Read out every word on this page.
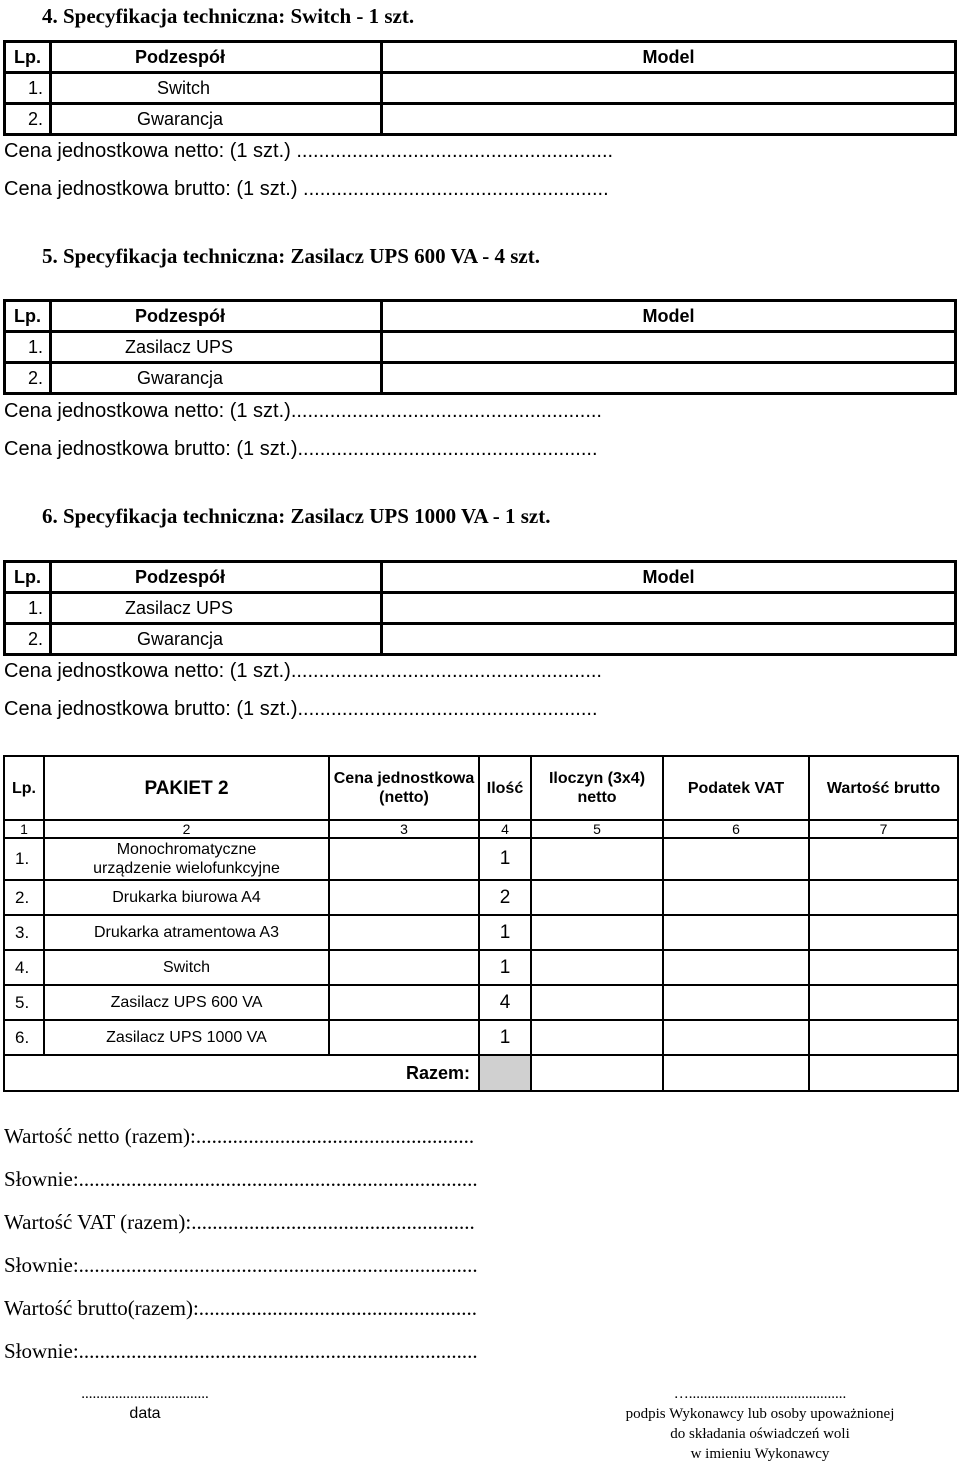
4. Specyfikacja techniczna: Switch - 1 szt.
Lp.	Podzespół	Model
1.	Switch	
2.	Gwarancja	
Cena jednostkowa netto: (1 szt.) .........................................................
Cena jednostkowa brutto: (1 szt.) .......................................................
5. Specyfikacja techniczna: Zasilacz UPS 600 VA - 4 szt.
Lp.	Podzespół	Model
1.	Zasilacz UPS	
2.	Gwarancja	
Cena jednostkowa netto: (1 szt.)........................................................
Cena jednostkowa brutto: (1 szt.)......................................................
6. Specyfikacja techniczna: Zasilacz UPS 1000 VA - 1 szt.
Lp.	Podzespół	Model
1.	Zasilacz UPS	
2.	Gwarancja	
Cena jednostkowa netto: (1 szt.)........................................................
Cena jednostkowa brutto: (1 szt.)......................................................
Lp.	PAKIET 2	Cena jednostkowa (netto)	Ilość	Iloczyn (3x4) netto	Podatek VAT	Wartość brutto
1	2	3	4	5	6	7
1.	Monochromatyczne urządzenie wielofunkcyjne		1			
2.	Drukarka biurowa A4		2			
3.	Drukarka atramentowa A3		1			
4.	Switch		1			
5.	Zasilacz UPS 600 VA		4			
6.	Zasilacz UPS 1000 VA		1			
Razem:						
Wartość netto (razem):.....................................................
Słownie:............................................................................
Wartość VAT (razem):......................................................
Słownie:............................................................................
Wartość brutto(razem):.....................................................
Słownie:............................................................................
..................................
data
…..........................................
podpis Wykonawcy lub osoby upoważnionej
do składania oświadczeń woli
w imieniu Wykonawcy
